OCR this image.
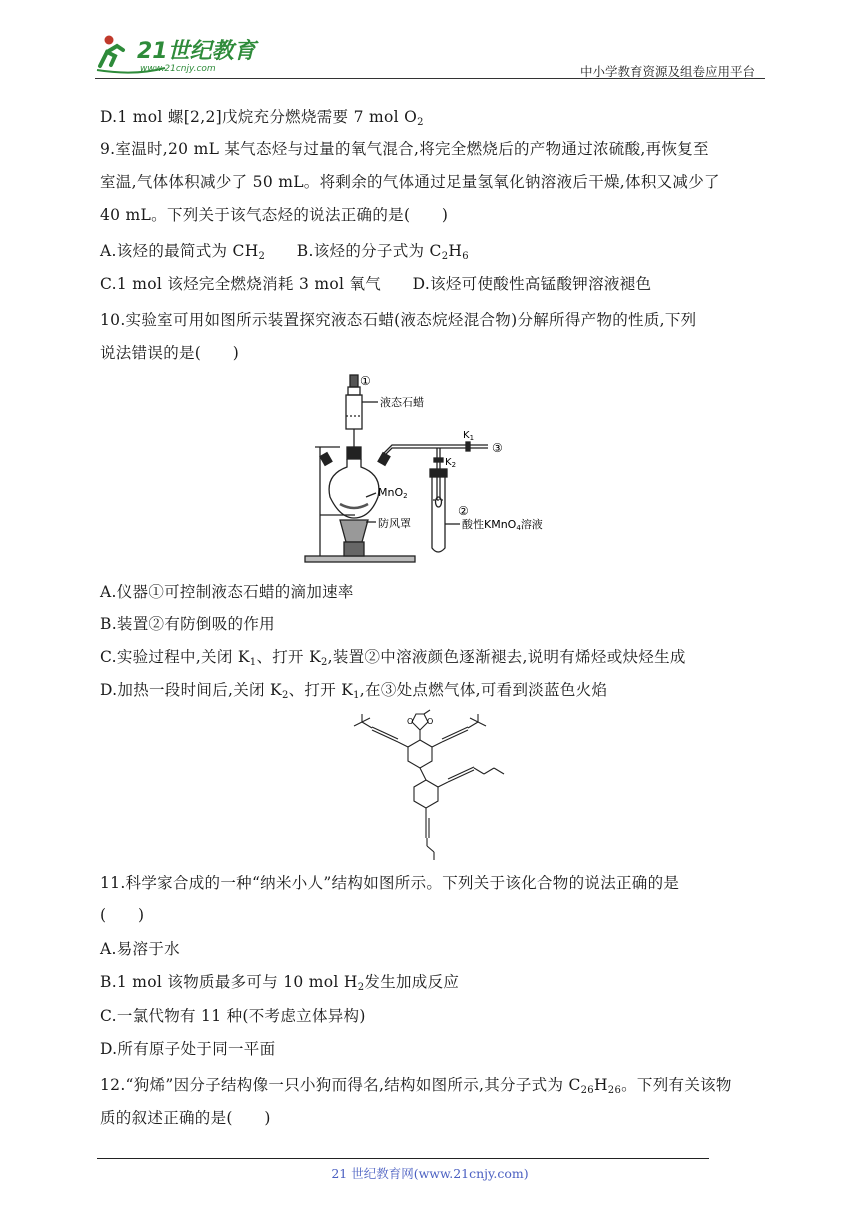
21世纪教育
www.21cnjy.com	中小学教育资源及组卷应用平台
D.1 mol 螺[2,2]戊烷充分燃烧需要 7 mol $O_2$
9.室温时,20 mL 某气态烃与过量的氧气混合,将完全燃烧后的产物通过浓硫酸,再恢复至
室温,气体体积减少了 50 mL。将剩余的气体通过足量氢氧化钠溶液后干燥,体积又减少了
40 mL。下列关于该气态烃的说法正确的是(　　)
A.该烃的最简式为 $CH_2$　　B.该烃的分子式为 $C_2H_6$
C.1 mol 该烃完全燃烧消耗 3 mol 氧气　　D.该烃可使酸性高锰酸钾溶液褪色
10.实验室可用如图所示装置探究液态石蜡(液态烷烃混合物)分解所得产物的性质,下列
说法错误的是(　　)
①
液态石蜡
$K_1$
③
$K_2$
MnO2
②
防风罩	酸性KMnO4溶液
A.仪器①可控制液态石蜡的滴加速率
B.装置②有防倒吸的作用
C.实验过程中,关闭 $K_1$、打开 $K_2$,装置②中溶液颜色逐渐褪去,说明有烯烃或炔烃生成
D.加热一段时间后,关闭 $K_2$、打开 $K_1$,在③处点燃气体,可看到淡蓝色火焰
O O
11.科学家合成的一种“纳米小人”结构如图所示。下列关于该化合物的说法正确的是
(　　)
A.易溶于水
B.1 mol 该物质最多可与 10 mol $H_2$发生加成反应
C.一氯代物有 11 种(不考虑立体异构)
D.所有原子处于同一平面
12.“狗烯”因分子结构像一只小狗而得名,结构如图所示,其分子式为 $C_{26}H_{26}$。下列有关该物
质的叙述正确的是(　　)
21 世纪教育网(www.21cnjy.com)
